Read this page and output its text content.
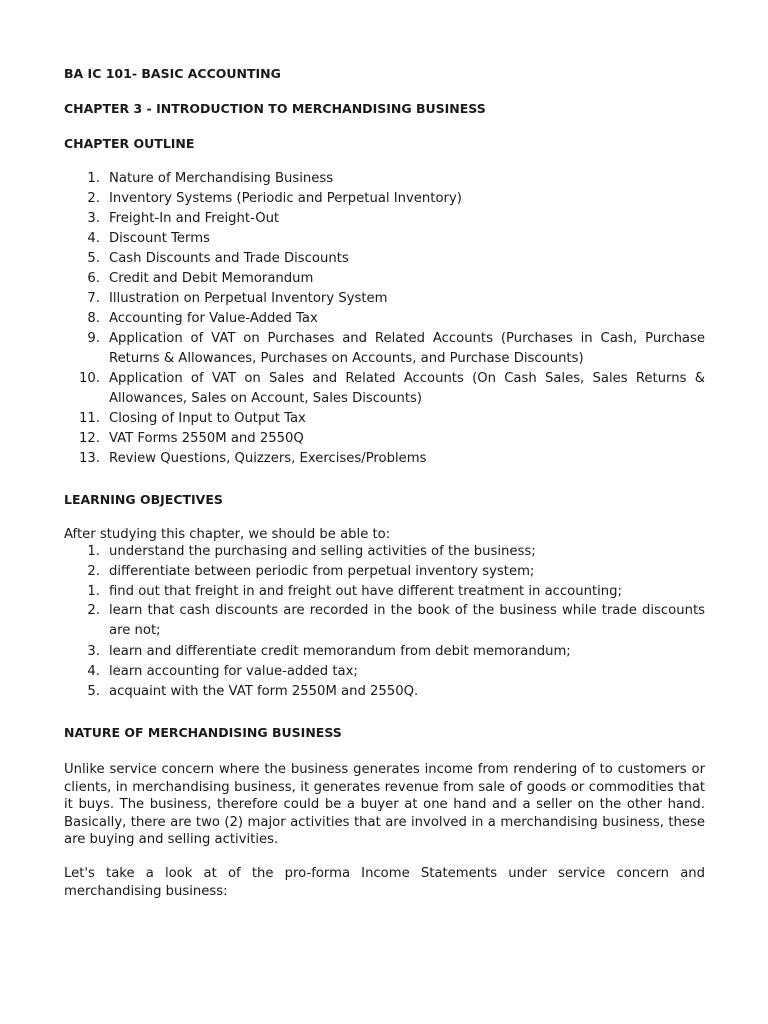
BA IC 101- BASIC ACCOUNTING
CHAPTER 3 - INTRODUCTION TO MERCHANDISING BUSINESS
CHAPTER OUTLINE
1. Nature of Merchandising Business
2. Inventory Systems (Periodic and Perpetual Inventory)
3. Freight-In and Freight-Out
4. Discount Terms
5. Cash Discounts and Trade Discounts
6. Credit and Debit Memorandum
7. Illustration on Perpetual Inventory System
8. Accounting for Value-Added Tax
9. Application of VAT on Purchases and Related Accounts (Purchases in Cash, Purchase Returns & Allowances, Purchases on Accounts, and Purchase Discounts)
10. Application of VAT on Sales and Related Accounts (On Cash Sales, Sales Returns & Allowances, Sales on Account, Sales Discounts)
11. Closing of Input to Output Tax
12. VAT Forms 2550M and 2550Q
13. Review Questions, Quizzers, Exercises/Problems
LEARNING OBJECTIVES
After studying this chapter, we should be able to:
1. understand the purchasing and selling activities of the business;
2. differentiate between periodic from perpetual inventory system;
1. find out that freight in and freight out have different treatment in accounting;
2. learn that cash discounts are recorded in the book of the business while trade discounts are not;
3. learn and differentiate credit memorandum from debit memorandum;
4. learn accounting for value-added tax;
5. acquaint with the VAT form 2550M and 2550Q.
NATURE OF MERCHANDISING BUSINESS
Unlike service concern where the business generates income from rendering of to customers or clients, in merchandising business, it generates revenue from sale of goods or commodities that it buys. The business, therefore could be a buyer at one hand and a seller on the other hand. Basically, there are two (2) major activities that are involved in a merchandising business, these are buying and selling activities.
Let's take a look at of the pro-forma Income Statements under service concern and merchandising business:
